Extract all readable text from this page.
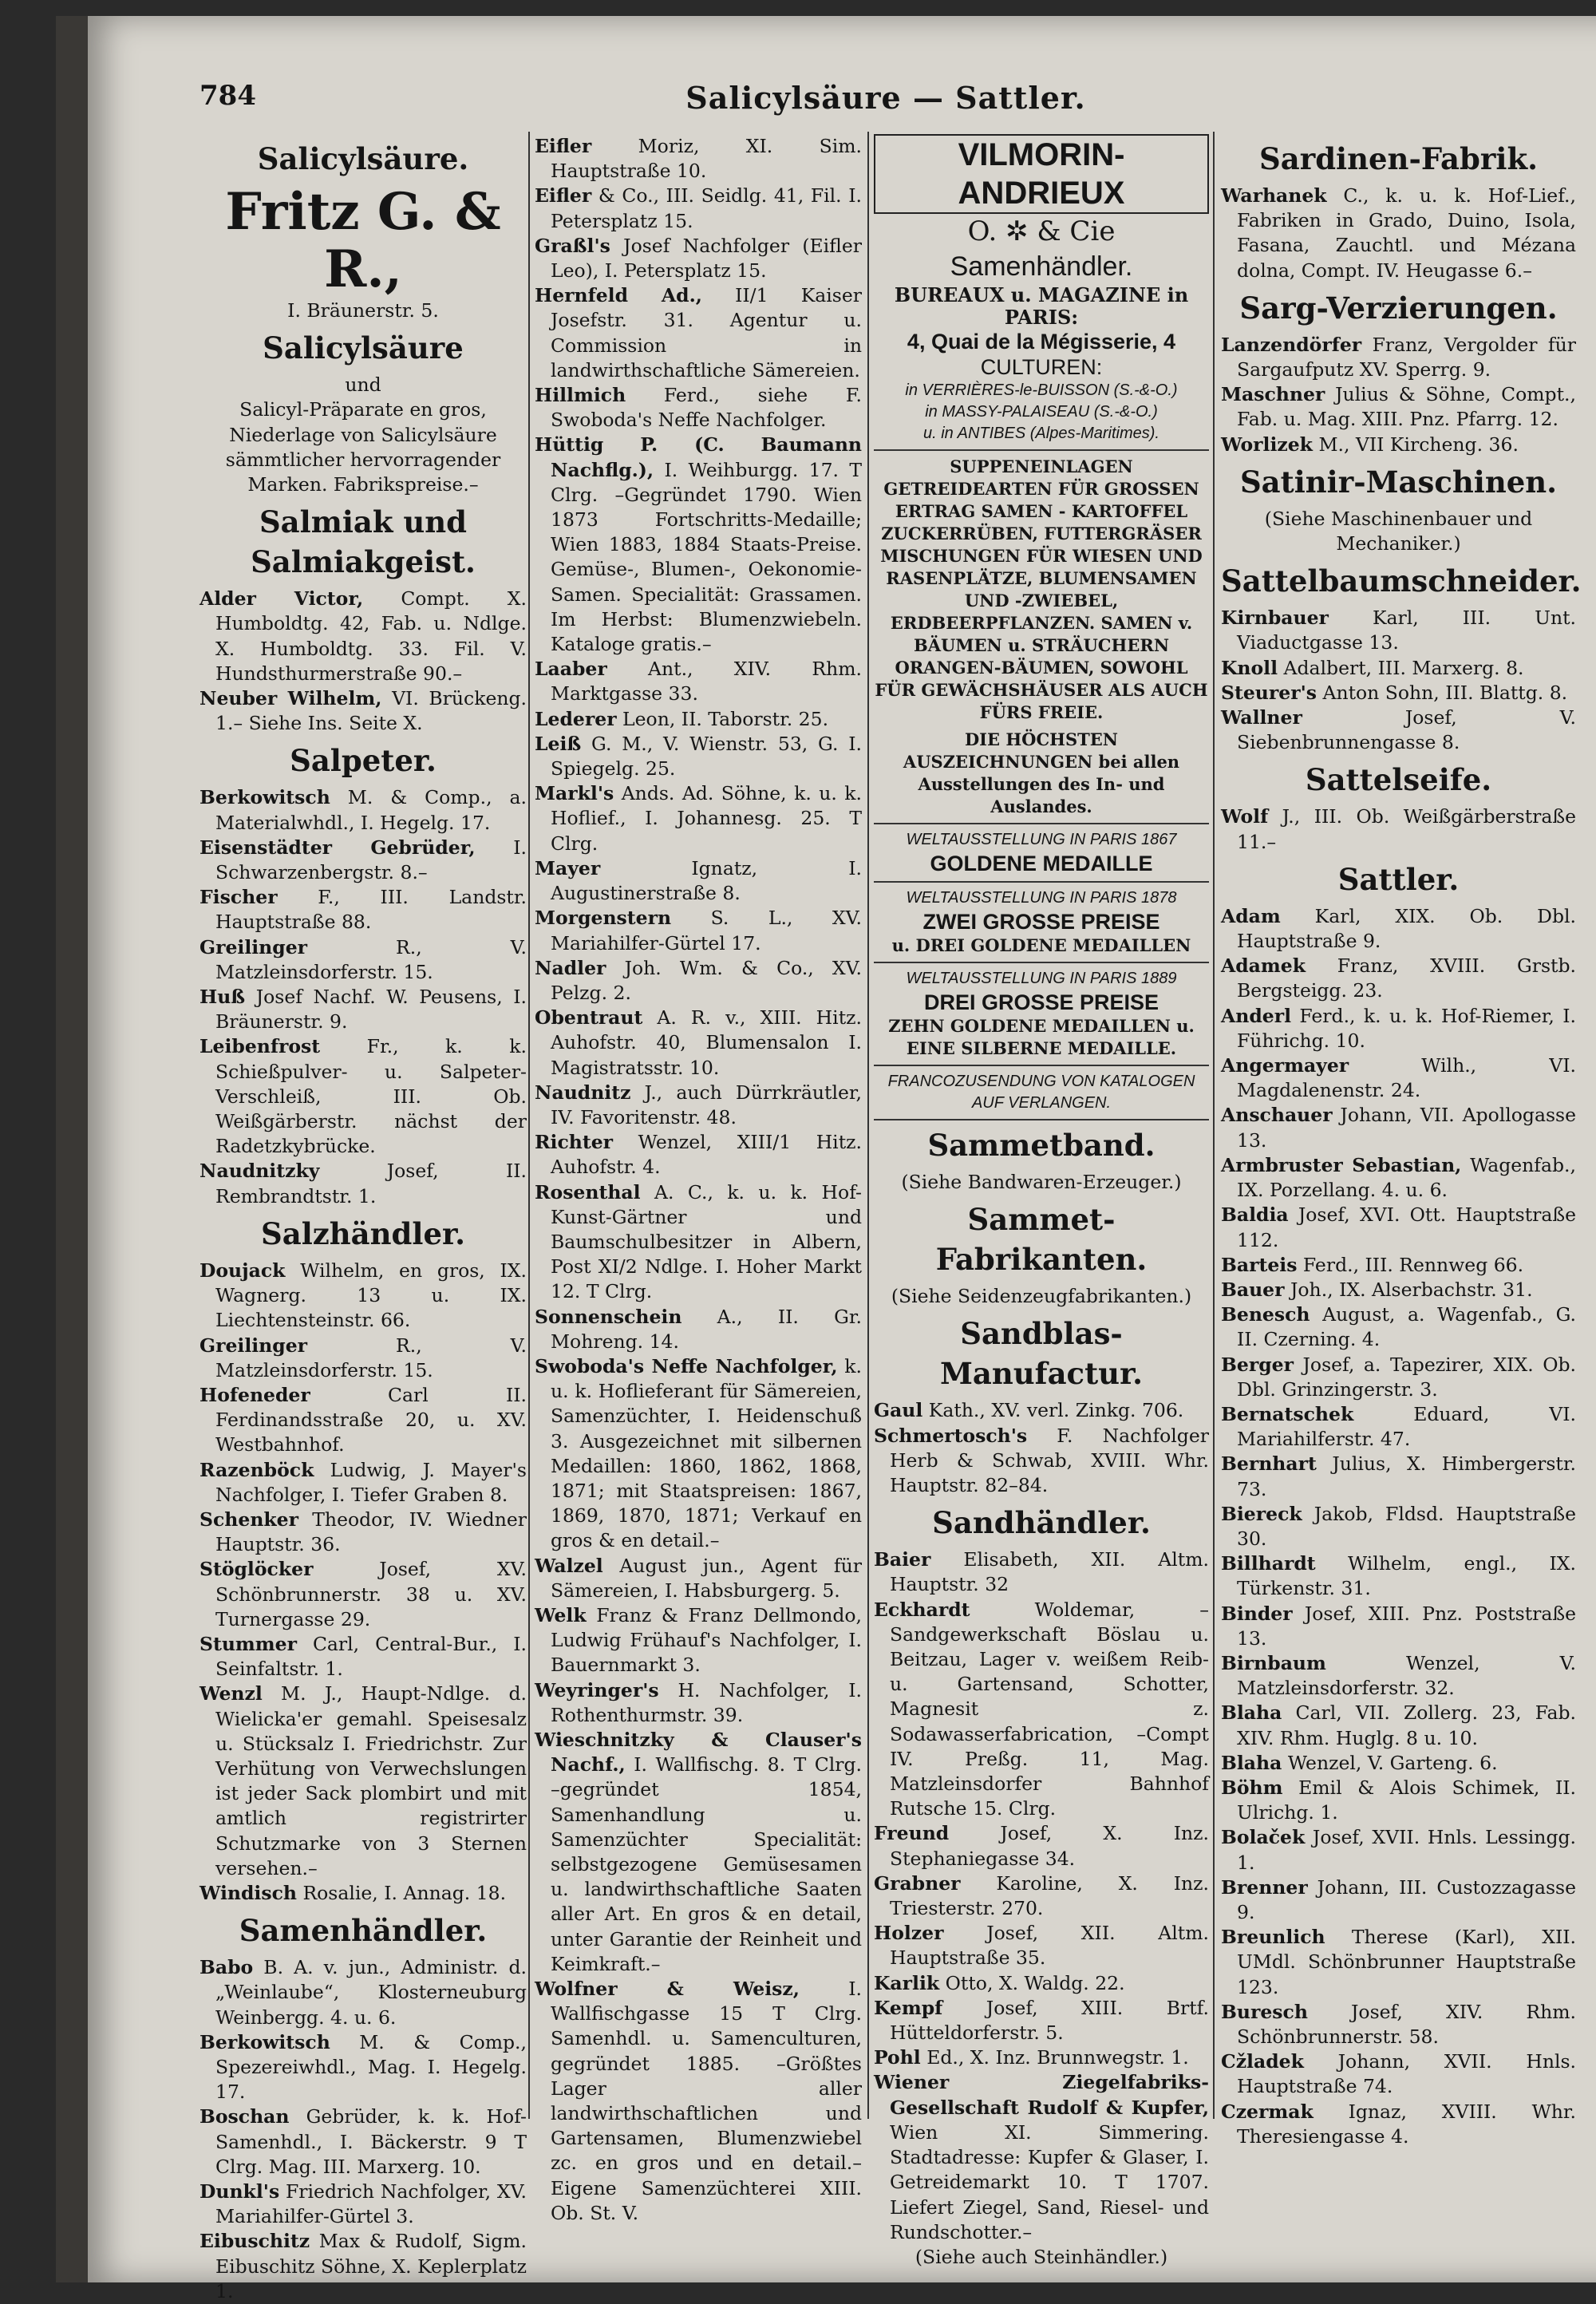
784	Salicylsäure — Sattler.
Salicylsäure.
Fritz G. & R.,

I. Bräunerstr. 5.

Salicylsäure

und

Salicyl-Präparate en gros, Niederlage von Salicylsäure sämmtlicher hervorragender Marken. Fabrikspreise.–

Salmiak und Salmiakgeist.

Alder Victor, Compt. X. Humboldtg. 42, Fab. u. Ndlge. X. Humboldtg. 33. Fil. V. Hundsthurmerstraße 90.–

Neuber Wilhelm, VI. Brückeng. 1.– Siehe Ins. Seite X.

Salpeter.

Berkowitsch M. & Comp., a. Materialwhdl., I. Hegelg. 17.

Eisenstädter Gebrüder, I. Schwarzenbergstr. 8.–

Fischer F., III. Landstr. Hauptstraße 88.

Greilinger R., V. Matzleinsdorferstr. 15.

Huß Josef Nachf. W. Peusens, I. Bräunerstr. 9.

Leibenfrost Fr., k. k. Schießpulver- u. Salpeter-Verschleiß, III. Ob. Weißgärberstr. nächst der Radetzkybrücke.

Naudnitzky Josef, II. Rembrandtstr. 1.

Salzhändler.

Doujack Wilhelm, en gros, IX. Wagnerg. 13 u. IX. Liechtensteinstr. 66.

Greilinger R., V. Matzleinsdorferstr. 15.

Hofeneder Carl II. Ferdinandsstraße 20, u. XV. Westbahnhof.

Razenböck Ludwig, J. Mayer's Nachfolger, I. Tiefer Graben 8.

Schenker Theodor, IV. Wiedner Hauptstr. 36.

Stöglöcker Josef, XV. Schönbrunnerstr. 38 u. XV. Turnergasse 29.

Stummer Carl, Central-Bur., I. Seinfaltstr. 1.

Wenzl M. J., Haupt-Ndlge. d. Wielicka'er gemahl. Speisesalz u. Stücksalz I. Friedrichstr. Zur Verhütung von Verwechslungen ist jeder Sack plombirt und mit amtlich registrirter Schutzmarke von 3 Sternen versehen.–

Windisch Rosalie, I. Annag. 18.

Samenhändler.

Babo B. A. v. jun., Administr. d. „Weinlaube“, Klosterneuburg Weinbergg. 4. u. 6.

Berkowitsch M. & Comp., Spezereiwhdl., Mag. I. Hegelg. 17.

Boschan Gebrüder, k. k. Hof-Samenhdl., I. Bäckerstr. 9 T Clrg. Mag. III. Marxerg. 10.

Dunkl's Friedrich Nachfolger, XV. Mariahilfer-Gürtel 3.

Eibuschitz Max & Rudolf, Sigm. Eibuschitz Söhne, X. Keplerplatz 1.

Eifler Moriz, XI. Sim. Hauptstraße 10.

Eifler & Co., III. Seidlg. 41, Fil. I. Petersplatz 15.

Graßl's Josef Nachfolger (Eifler Leo), I. Petersplatz 15.

Hernfeld Ad., II/1 Kaiser Josefstr. 31. Agentur u. Commission in landwirthschaftliche Sämereien.

Hillmich Ferd., siehe F. Swoboda's Neffe Nachfolger.

Hüttig P. (C. Baumann Nachflg.), I. Weihburgg. 17. T Clrg. –Gegründet 1790. Wien 1873 Fortschritts-Medaille; Wien 1883, 1884 Staats-Preise. Gemüse-, Blumen-, Oekonomie-Samen. Specialität: Grassamen. Im Herbst: Blumenzwiebeln. Kataloge gratis.–

Laaber Ant., XIV. Rhm. Marktgasse 33.

Lederer Leon, II. Taborstr. 25.

Leiß G. M., V. Wienstr. 53, G. I. Spiegelg. 25.

Markl's Ands. Ad. Söhne, k. u. k. Hoflief., I. Johannesg. 25. T Clrg.

Mayer Ignatz, I. Augustinerstraße 8.

Morgenstern S. L., XV. Mariahilfer-Gürtel 17.

Nadler Joh. Wm. & Co., XV. Pelzg. 2.

Obentraut A. R. v., XIII. Hitz. Auhofstr. 40, Blumensalon I. Magistratsstr. 10.

Naudnitz J., auch Dürrkräutler, IV. Favoritenstr. 48.

Richter Wenzel, XIII/1 Hitz. Auhofstr. 4.

Rosenthal A. C., k. u. k. Hof-Kunst-Gärtner und Baumschulbesitzer in Albern, Post XI/2 Ndlge. I. Hoher Markt 12. T Clrg.

Sonnenschein A., II. Gr. Mohreng. 14.

Swoboda's Neffe Nachfolger, k. u. k. Hoflieferant für Sämereien, Samenzüchter, I. Heidenschuß 3. Ausgezeichnet mit silbernen Medaillen: 1860, 1862, 1868, 1871; mit Staatspreisen: 1867, 1869, 1870, 1871; Verkauf en gros & en detail.–

Walzel August jun., Agent für Sämereien, I. Habsburgerg. 5.

Welk Franz & Franz Dellmondo, Ludwig Frühauf's Nachfolger, I. Bauernmarkt 3.

Weyringer's H. Nachfolger, I. Rothenthurmstr. 39.

Wieschnitzky & Clauser's Nachf., I. Wallfischg. 8. T Clrg. –gegründet 1854, Samenhandlung u. Samenzüchter Specialität: selbstgezogene Gemüsesamen u. landwirthschaftliche Saaten aller Art. En gros & en detail, unter Garantie der Reinheit und Keimkraft.–

Wolfner & Weisz, I. Wallfischgasse 15 T Clrg. Samenhdl. u. Samenculturen, gegründet 1885. –Größtes Lager aller landwirthschaftlichen und Gartensamen, Blumenzwiebel zc. en gros und en detail.– Eigene Samenzüchterei XIII. Ob. St. V.

VILMORIN-ANDRIEUX

O. ✲ & Cie

Samenhändler.

BUREAUX u. MAGAZINE in PARIS:

4, Quai de la Mégisserie, 4

CULTUREN:

in VERRIÈRES-le-BUISSON (S.-&-O.)

in MASSY-PALAISEAU (S.-&-O.)

u. in ANTIBES (Alpes-Maritimes).

SUPPENEINLAGEN GETREIDEARTEN FÜR GROSSEN ERTRAG SAMEN - KARTOFFEL ZUCKERRÜBEN, FUTTERGRÄSER MISCHUNGEN FÜR WIESEN UND RASENPLÄTZE, BLUMENSAMEN UND -ZWIEBEL, ERDBEERPFLANZEN. SAMEN v. BÄUMEN u. STRÄUCHERN ORANGEN-BÄUMEN, SOWOHL FÜR GEWÄCHSHÄUSER ALS AUCH FÜRS FREIE.

DIE HÖCHSTEN AUSZEICHNUNGEN bei allen Ausstellungen des In- und Auslandes.

WELTAUSSTELLUNG IN PARIS 1867

GOLDENE MEDAILLE

WELTAUSSTELLUNG IN PARIS 1878

ZWEI GROSSE PREISE

u. DREI GOLDENE MEDAILLEN

WELTAUSSTELLUNG IN PARIS 1889

DREI GROSSE PREISE

ZEHN GOLDENE MEDAILLEN u. EINE SILBERNE MEDAILLE.

FRANCOZUSENDUNG VON KATALOGEN AUF VERLANGEN.

Sammetband.

(Siehe Bandwaren-Erzeuger.)

Sammet-Fabrikanten.

(Siehe Seidenzeugfabrikanten.)

Sandblas-Manufactur.

Gaul Kath., XV. verl. Zinkg. 706.

Schmertosch's F. Nachfolger Herb & Schwab, XVIII. Whr. Hauptstr. 82–84.

Sandhändler.

Baier Elisabeth, XII. Altm. Hauptstr. 32

Eckhardt Woldemar, –Sandgewerkschaft Böslau u. Beitzau, Lager v. weißem Reib- u. Gartensand, Schotter, Magnesit z. Sodawasserfabrication, –Compt IV. Preßg. 11, Mag. Matzleinsdorfer Bahnhof Rutsche 15. Clrg.

Freund Josef, X. Inz. Stephaniegasse 34.

Grabner Karoline, X. Inz. Triesterstr. 270.

Holzer Josef, XII. Altm. Hauptstraße 35.

Karlik Otto, X. Waldg. 22.

Kempf Josef, XIII. Brtf. Hütteldorferstr. 5.

Pohl Ed., X. Inz. Brunnwegstr. 1.

Wiener Ziegelfabriks-Gesellschaft Rudolf & Kupfer, Wien XI. Simmering. Stadtadresse: Kupfer & Glaser, I. Getreidemarkt 10. T 1707. Liefert Ziegel, Sand, Riesel- und Rundschotter.–

(Siehe auch Steinhändler.)

Sardinen-Fabrik.

Warhanek C., k. u. k. Hof-Lief., Fabriken in Grado, Duino, Isola, Fasana, Zauchtl. und Mézana dolna, Compt. IV. Heugasse 6.–

Sarg-Verzierungen.

Lanzendörfer Franz, Vergolder für Sargaufputz XV. Sperrg. 9.

Maschner Julius & Söhne, Compt., Fab. u. Mag. XIII. Pnz. Pfarrg. 12.

Worlizek M., VII Kircheng. 36.

Satinir-Maschinen.

(Siehe Maschinenbauer und Mechaniker.)

Sattelbaumschneider.

Kirnbauer Karl, III. Unt. Viaductgasse 13.

Knoll Adalbert, III. Marxerg. 8.

Steurer's Anton Sohn, III. Blattg. 8.

Wallner Josef, V. Siebenbrunnengasse 8.

Sattelseife.

Wolf J., III. Ob. Weißgärberstraße 11.–

Sattler.

Adam Karl, XIX. Ob. Dbl. Hauptstraße 9.

Adamek Franz, XVIII. Grstb. Bergsteigg. 23.

Anderl Ferd., k. u. k. Hof-Riemer, I. Führichg. 10.

Angermayer Wilh., VI. Magdalenenstr. 24.

Anschauer Johann, VII. Apollogasse 13.

Armbruster Sebastian, Wagenfab., IX. Porzellang. 4. u. 6.

Baldia Josef, XVI. Ott. Hauptstraße 112.

Barteis Ferd., III. Rennweg 66.

Bauer Joh., IX. Alserbachstr. 31.

Benesch August, a. Wagenfab., G. II. Czerning. 4.

Berger Josef, a. Tapezirer, XIX. Ob. Dbl. Grinzingerstr. 3.

Bernatschek Eduard, VI. Mariahilferstr. 47.

Bernhart Julius, X. Himbergerstr. 73.

Biereck Jakob, Fldsd. Hauptstraße 30.

Billhardt Wilhelm, engl., IX. Türkenstr. 31.

Binder Josef, XIII. Pnz. Poststraße 13.

Birnbaum Wenzel, V. Matzleinsdorferstr. 32.

Blaha Carl, VII. Zollerg. 23, Fab. XIV. Rhm. Huglg. 8 u. 10.

Blaha Wenzel, V. Garteng. 6.

Böhm Emil & Alois Schimek, II. Ulrichg. 1.

Bolaček Josef, XVII. Hnls. Lessingg. 1.

Brenner Johann, III. Custozzagasse 9.

Breunlich Therese (Karl), XII. UMdl. Schönbrunner Hauptstraße 123.

Buresch Josef, XIV. Rhm. Schönbrunnerstr. 58.

Cžladek Johann, XVII. Hnls. Hauptstraße 74.

Czermak Ignaz, XVIII. Whr. Theresiengasse 4.
